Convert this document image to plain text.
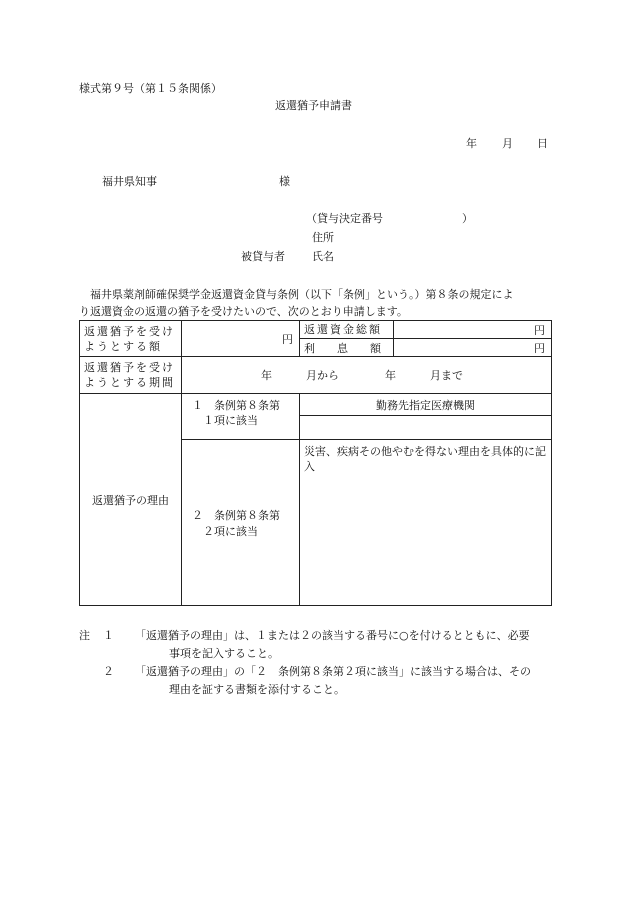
様式第９号（第１５条関係）
返還猶予申請書
年 月 日
福井県知事	様
（貸与決定番号	）
住所
被貸与者 氏名
福井県薬剤師確保奨学金返還資金貸与条例（以下「条例」という。）第８条の規定によ
り返還資金の返還の猶予を受けたいので、次のとおり申請します。
返還猶予を受け
ようとする額	円	返還資金総額	円
		利　　息　　額	円

返還猶予を受け
ようとする期間	年 月から 年 月まで		
返還猶予の理由	１　条例第８条第
１項に該当	勤務先指定医療機関	

	２　条例第８条第
２項に該当	災害、疾病その他やむを得ない理由を具体的に記入	
注 １ 「返還猶予の理由」は、１または２の該当する番号に○を付けるとともに、必要
事項を記入すること。
２ 「返還猶予の理由」の「２　条例第８条第２項に該当」に該当する場合は、その
理由を証する書類を添付すること。
